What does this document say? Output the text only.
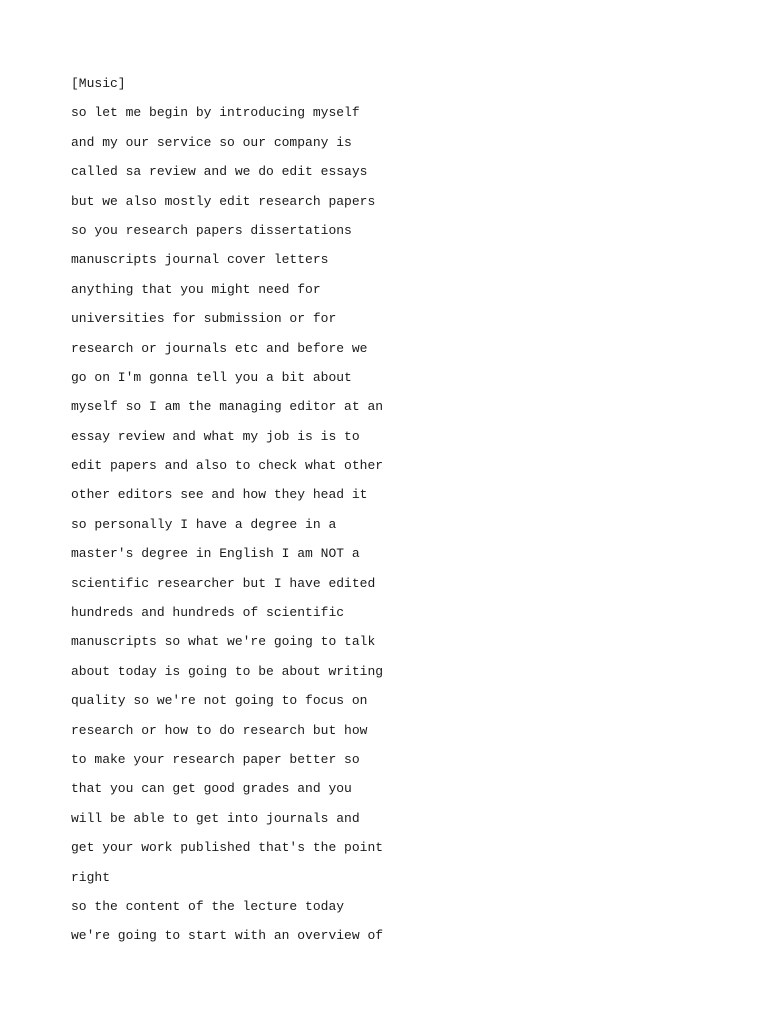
[Music]
so let me begin by introducing myself
and my our service so our company is
called sa review and we do edit essays
but we also mostly edit research papers
so you research papers dissertations
manuscripts journal cover letters
anything that you might need for
universities for submission or for
research or journals etc and before we
go on I'm gonna tell you a bit about
myself so I am the managing editor at an
essay review and what my job is is to
edit papers and also to check what other
other editors see and how they head it
so personally I have a degree in a
master's degree in English I am NOT a
scientific researcher but I have edited
hundreds and hundreds of scientific
manuscripts so what we're going to talk
about today is going to be about writing
quality so we're not going to focus on
research or how to do research but how
to make your research paper better so
that you can get good grades and you
will be able to get into journals and
get your work published that's the point
right
so the content of the lecture today
we're going to start with an overview of
